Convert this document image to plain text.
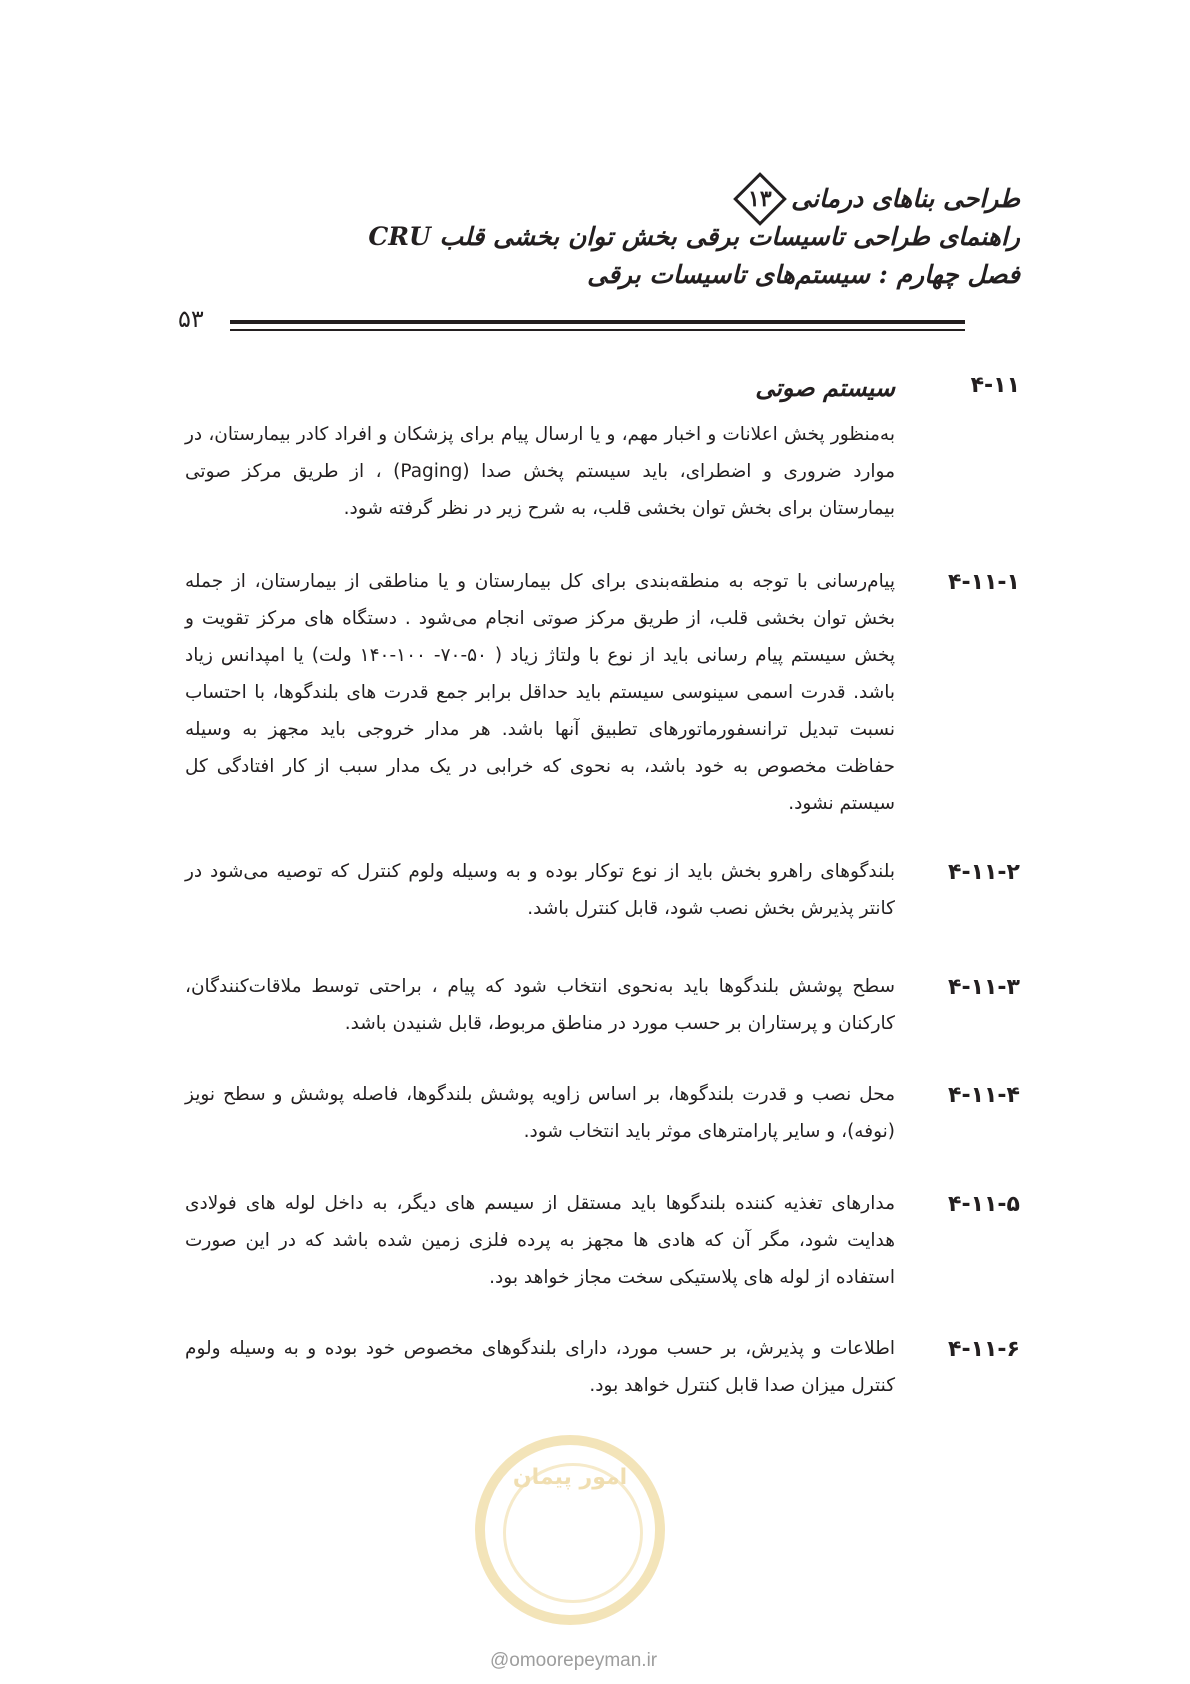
طراحی بناهای درمانی
۱۳
راهنمای طراحی تاسیسات برقی بخش توان بخشی قلب CRU
فصل چهارم : سیستم‌های تاسیسات برقی
۵۳
۴-۱۱
سیستم صوتی
به‌منظور پخش اعلانات و اخبار مهم، و یا ارسال پیام برای پزشکان و افراد کادر بیمارستان، در موارد ضروری و اضطرای، باید سیستم پخش صدا (Paging) ، از طریق مرکز صوتی بیمارستان برای بخش توان بخشی قلب، به شرح زیر در نظر گرفته شود.
۴-۱۱-۱
پیام‌رسانی با توجه به منطقه‌بندی برای کل بیمارستان و یا مناطقی از بیمارستان، از جمله بخش توان بخشی قلب، از طریق مرکز صوتی انجام می‌شود . دستگاه های مرکز تقویت و پخش سیستم پیام رسانی باید از نوع با ولتاژ زیاد ( ۵۰-۷۰- ۱۰۰-۱۴۰ ولت) یا امپدانس زیاد باشد. قدرت اسمی سینوسی سیستم باید حداقل برابر جمع قدرت های بلندگوها، با احتساب نسبت تبدیل ترانسفورماتورهای تطبیق آنها باشد. هر مدار خروجی باید مجهز به وسیله حفاظت مخصوص به خود باشد، به نحوی که خرابی در یک مدار سبب از کار افتادگی کل سیستم نشود.
۴-۱۱-۲
بلندگوهای راهرو بخش باید از نوع توکار بوده و به وسیله ولوم کنترل که توصیه می‌شود در کانتر پذیرش بخش نصب شود، قابل کنترل باشد.
۴-۱۱-۳
سطح پوشش بلندگوها باید به‌نحوی انتخاب شود که پیام ، براحتی توسط ملاقات‌کنندگان، کارکنان و پرستاران بر حسب مورد در مناطق مربوط، قابل شنیدن باشد.
۴-۱۱-۴
محل نصب و قدرت بلندگوها، بر اساس زاویه پوشش بلندگوها، فاصله پوشش و سطح نویز (نوفه)، و سایر پارامترهای موثر باید انتخاب شود.
۴-۱۱-۵
مدارهای تغذیه کننده بلندگوها باید مستقل از سیسم های دیگر، به داخل لوله های فولادی هدایت شود، مگر آن که هادی ها مجهز به پرده فلزی زمین شده باشد که در این صورت استفاده از لوله های پلاستیکی سخت مجاز خواهد بود.
۴-۱۱-۶
اطلاعات و پذیرش، بر حسب مورد، دارای بلندگوهای مخصوص خود بوده و به وسیله ولوم کنترل میزان صدا قابل کنترل خواهد بود.
امور پیمان
@omoorepeyman.ir
